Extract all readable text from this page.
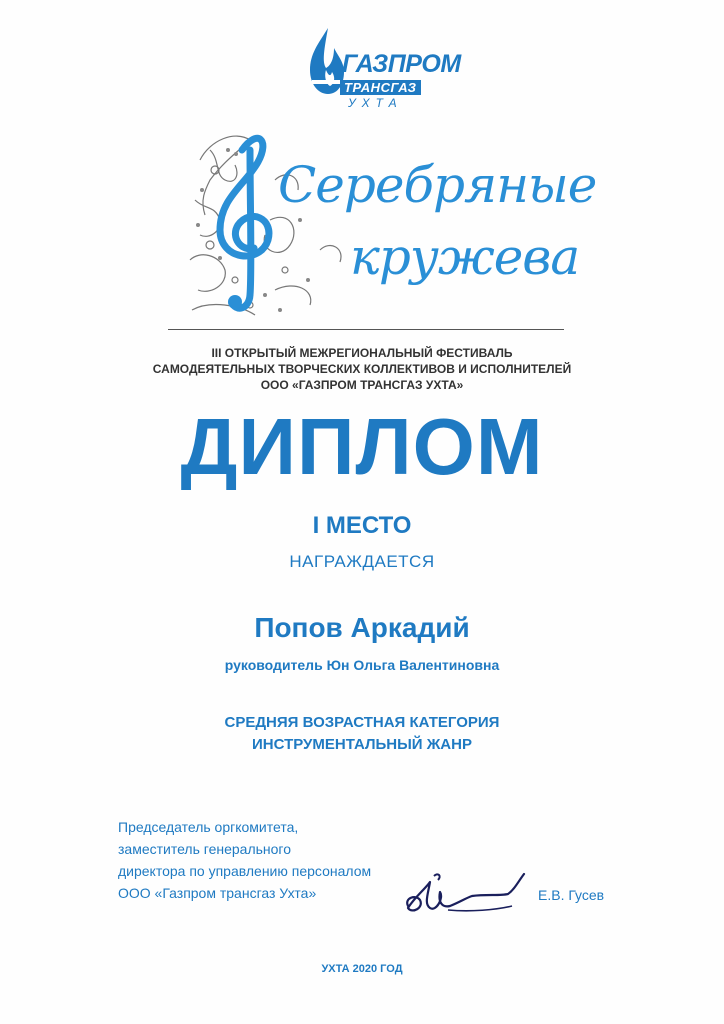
ГАЗПРОМ
ТРАНСГАЗ
УХТА
Серебряные
кружева
III ОТКРЫТЫЙ МЕЖРЕГИОНАЛЬНЫЙ ФЕСТИВАЛЬ
САМОДЕЯТЕЛЬНЫХ ТВОРЧЕСКИХ КОЛЛЕКТИВОВ И ИСПОЛНИТЕЛЕЙ
ООО «ГАЗПРОМ ТРАНСГАЗ УХТА»
ДИПЛОМ
I МЕСТО
НАГРАЖДАЕТСЯ
Попов Аркадий
руководитель Юн Ольга Валентиновна
СРЕДНЯЯ ВОЗРАСТНАЯ КАТЕГОРИЯ
ИНСТРУМЕНТАЛЬНЫЙ ЖАНР
Председатель оргкомитета,
заместитель генерального
директора по управлению персоналом
ООО «Газпром трансгаз Ухта»	Е.В. Гусев
УХТА 2020 ГОД
